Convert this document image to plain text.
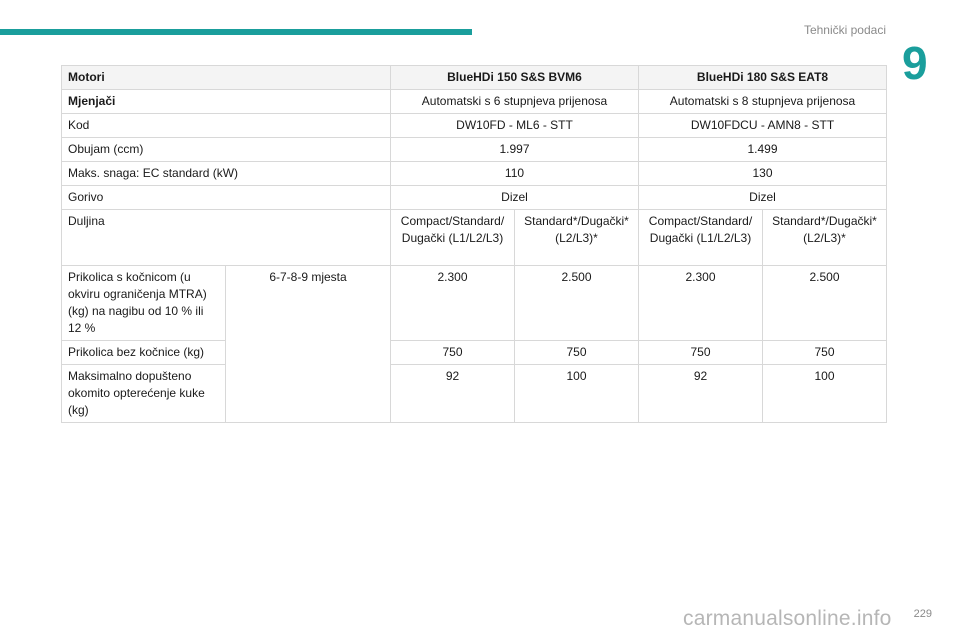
Tehnički podaci
9
Motori		BlueHDi 150 S&S BVM6		BlueHDi 180 S&S EAT8	
Mjenjači		Automatski s 6 stupnjeva prijenosa		Automatski s 8 stupnjeva prijenosa	
Kod		DW10FD - ML6 - STT		DW10FDCU - AMN8 - STT	
Obujam (ccm)		1.997		1.499	
Maks. snaga: EC standard (kW)		110		130	
Gorivo		Dizel		Dizel	
Duljina		Compact/Standard/ Dugački (L1/L2/L3)	Standard*/Dugački* (L2/L3)*	Compact/Standard/ Dugački (L1/L2/L3)	Standard*/Dugački* (L2/L3)*
Prikolica s kočnicom (u okviru ograničenja MTRA) (kg) na nagibu od 10 % ili 12 %	6-7-8-9 mjesta	2.300	2.500	2.300	2.500
Prikolica bez kočnice (kg)		750	750	750	750
Maksimalno dopušteno okomito opterećenje kuke (kg)		92	100	92	100
229
carmanualsonline.info
